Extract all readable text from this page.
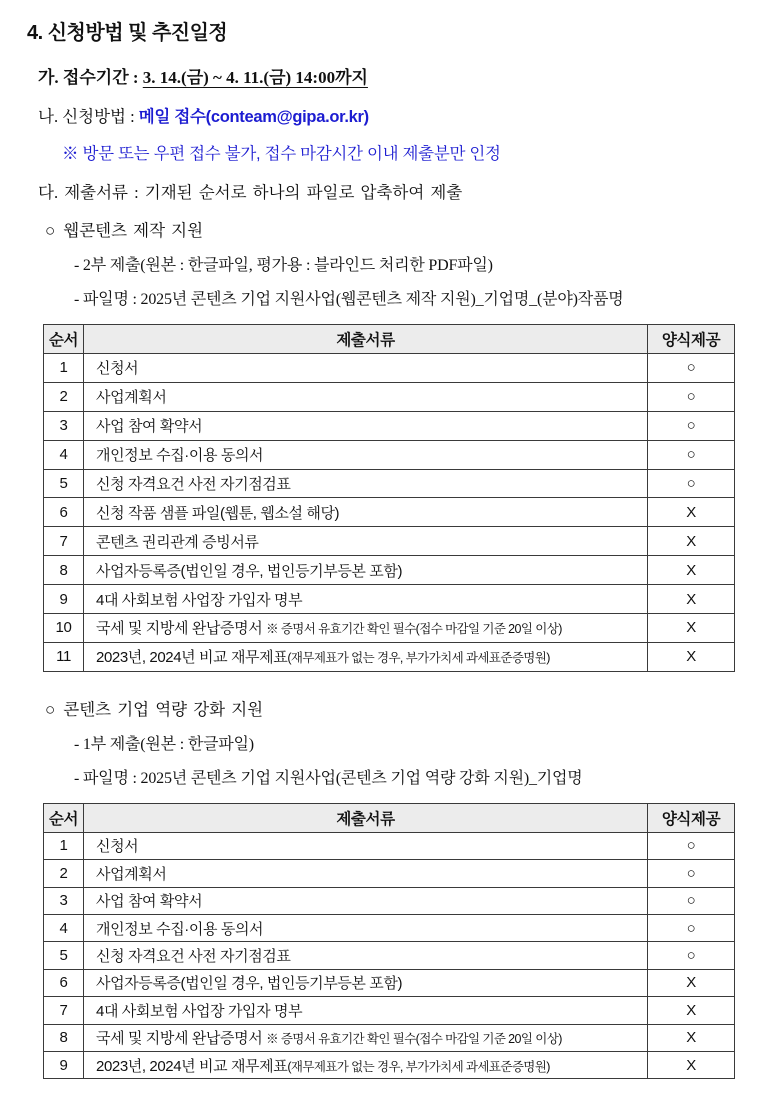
4. 신청방법 및 추진일정
가. 접수기간 : 3. 14.(금) ~ 4. 11.(금) 14:00까지
나. 신청방법 : 메일 접수(conteam@gipa.or.kr)
※ 방문 또는 우편 접수 불가, 접수 마감시간 이내 제출분만 인정
다. 제출서류 : 기재된 순서로 하나의 파일로 압축하여 제출
○ 웹콘텐츠 제작 지원
- 2부 제출(원본 : 한글파일, 평가용 : 블라인드 처리한 PDF파일)
- 파일명 : 2025년 콘텐츠 기업 지원사업(웹콘텐츠 제작 지원)_기업명_(분야)작품명
순서	제출서류	양식제공
1	신청서	○
2	사업계획서	○
3	사업 참여 확약서	○
4	개인정보 수집·이용 동의서	○
5	신청 자격요건 사전 자기점검표	○
6	신청 작품 샘플 파일(웹툰, 웹소설 해당)	X
7	콘텐츠 권리관계 증빙서류	X
8	사업자등록증(법인일 경우, 법인등기부등본 포함)	X
9	4대 사회보험 사업장 가입자 명부	X
10	국세 및 지방세 완납증명서 ※ 증명서 유효기간 확인 필수(접수 마감일 기준 20일 이상)	X
11	2023년, 2024년 비교 재무제표(재무제표가 없는 경우, 부가가치세 과세표준증명원)	X
○ 콘텐츠 기업 역량 강화 지원
- 1부 제출(원본 : 한글파일)
- 파일명 : 2025년 콘텐츠 기업 지원사업(콘텐츠 기업 역량 강화 지원)_기업명
순서	제출서류	양식제공
1	신청서	○
2	사업계획서	○
3	사업 참여 확약서	○
4	개인정보 수집·이용 동의서	○
5	신청 자격요건 사전 자기점검표	○
6	사업자등록증(법인일 경우, 법인등기부등본 포함)	X
7	4대 사회보험 사업장 가입자 명부	X
8	국세 및 지방세 완납증명서 ※ 증명서 유효기간 확인 필수(접수 마감일 기준 20일 이상)	X
9	2023년, 2024년 비교 재무제표(재무제표가 없는 경우, 부가가치세 과세표준증명원)	X
